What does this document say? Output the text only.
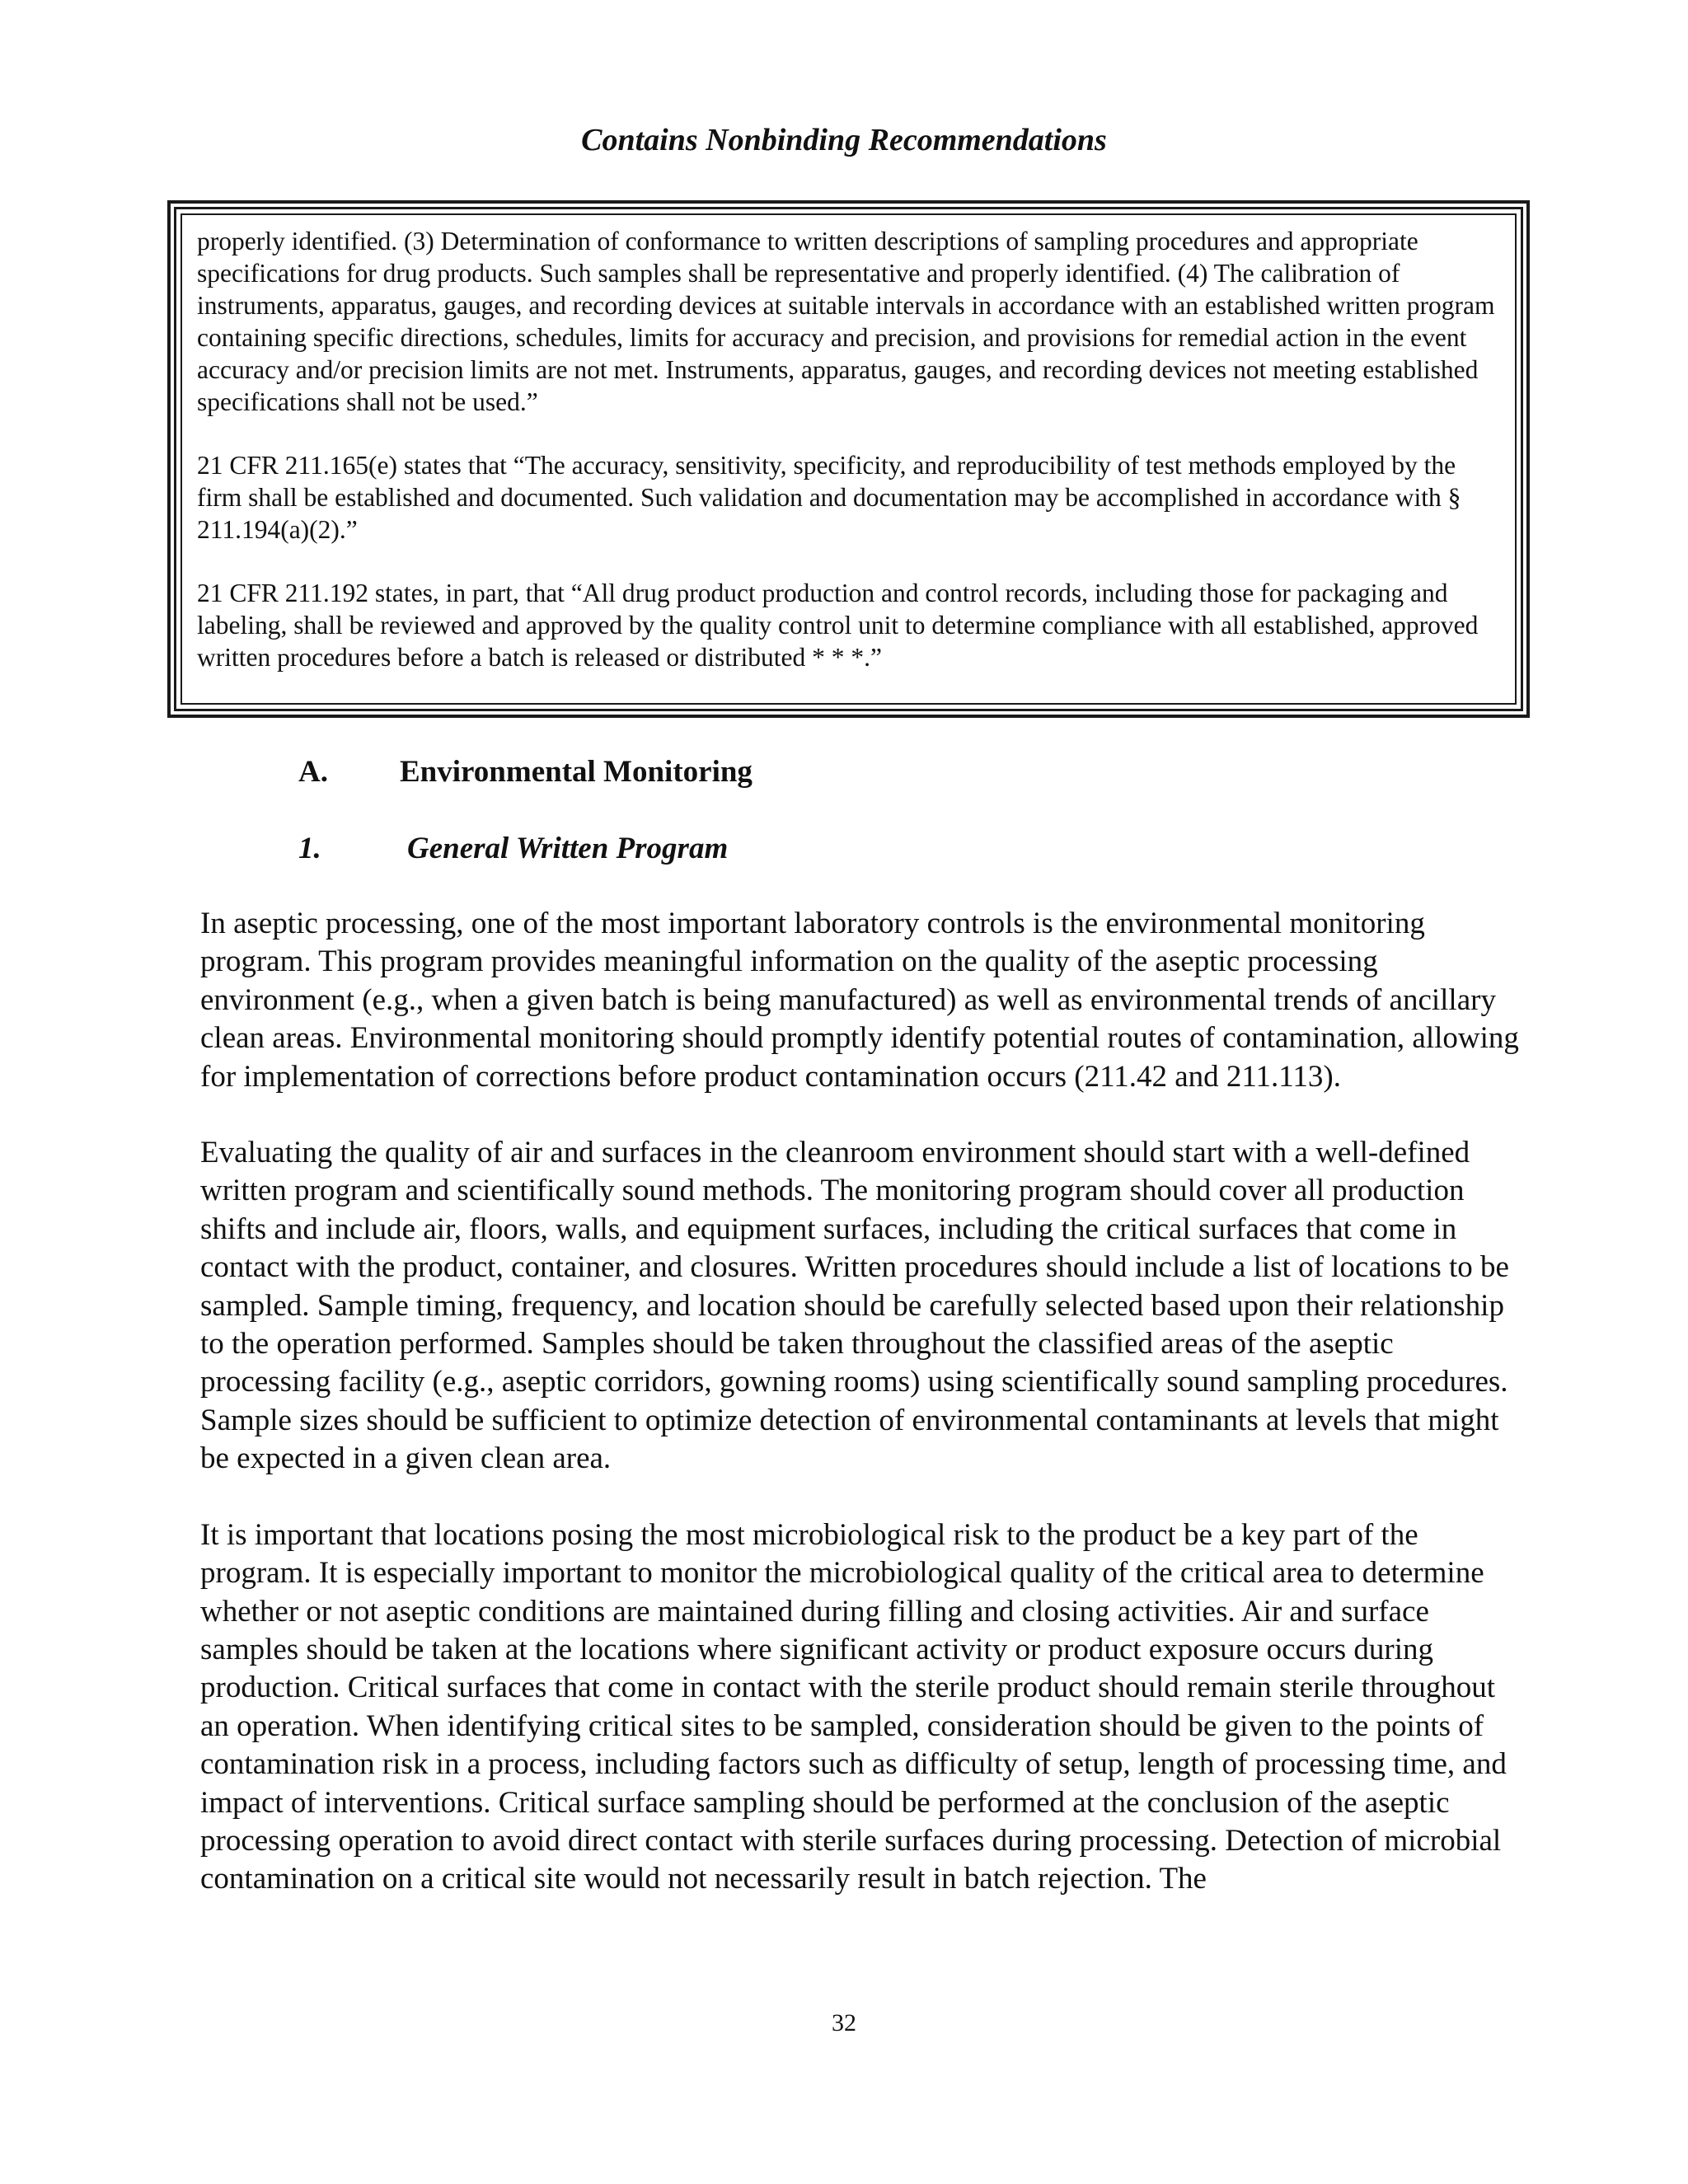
Contains Nonbinding Recommendations

properly identified. (3) Determination of conformance to written descriptions of sampling procedures and appropriate specifications for drug products. Such samples shall be representative and properly identified. (4) The calibration of instruments, apparatus, gauges, and recording devices at suitable intervals in accordance with an established written program containing specific directions, schedules, limits for accuracy and precision, and provisions for remedial action in the event accuracy and/or precision limits are not met. Instruments, apparatus, gauges, and recording devices not meeting established specifications shall not be used.”

21 CFR 211.165(e) states that “The accuracy, sensitivity, specificity, and reproducibility of test methods employed by the firm shall be established and documented. Such validation and documentation may be accomplished in accordance with § 211.194(a)(2).”

21 CFR 211.192 states, in part, that “All drug product production and control records, including those for packaging and labeling, shall be reviewed and approved by the quality control unit to determine compliance with all established, approved written procedures before a batch is released or distributed * * *.”

A. Environmental Monitoring
1.	General Written Program

In aseptic processing, one of the most important laboratory controls is the environmental monitoring program. This program provides meaningful information on the quality of the aseptic processing environment (e.g., when a given batch is being manufactured) as well as environmental trends of ancillary clean areas. Environmental monitoring should promptly identify potential routes of contamination, allowing for implementation of corrections before product contamination occurs (211.42 and 211.113).

Evaluating the quality of air and surfaces in the cleanroom environment should start with a well-defined written program and scientifically sound methods. The monitoring program should cover all production shifts and include air, floors, walls, and equipment surfaces, including the critical surfaces that come in contact with the product, container, and closures. Written procedures should include a list of locations to be sampled. Sample timing, frequency, and location should be carefully selected based upon their relationship to the operation performed. Samples should be taken throughout the classified areas of the aseptic processing facility (e.g., aseptic corridors, gowning rooms) using scientifically sound sampling procedures. Sample sizes should be sufficient to optimize detection of environmental contaminants at levels that might be expected in a given clean area.

It is important that locations posing the most microbiological risk to the product be a key part of the program. It is especially important to monitor the microbiological quality of the critical area to determine whether or not aseptic conditions are maintained during filling and closing activities. Air and surface samples should be taken at the locations where significant activity or product exposure occurs during production. Critical surfaces that come in contact with the sterile product should remain sterile throughout an operation. When identifying critical sites to be sampled, consideration should be given to the points of contamination risk in a process, including factors such as difficulty of setup, length of processing time, and impact of interventions. Critical surface sampling should be performed at the conclusion of the aseptic processing operation to avoid direct contact with sterile surfaces during processing. Detection of microbial contamination on a critical site would not necessarily result in batch rejection. The

32
